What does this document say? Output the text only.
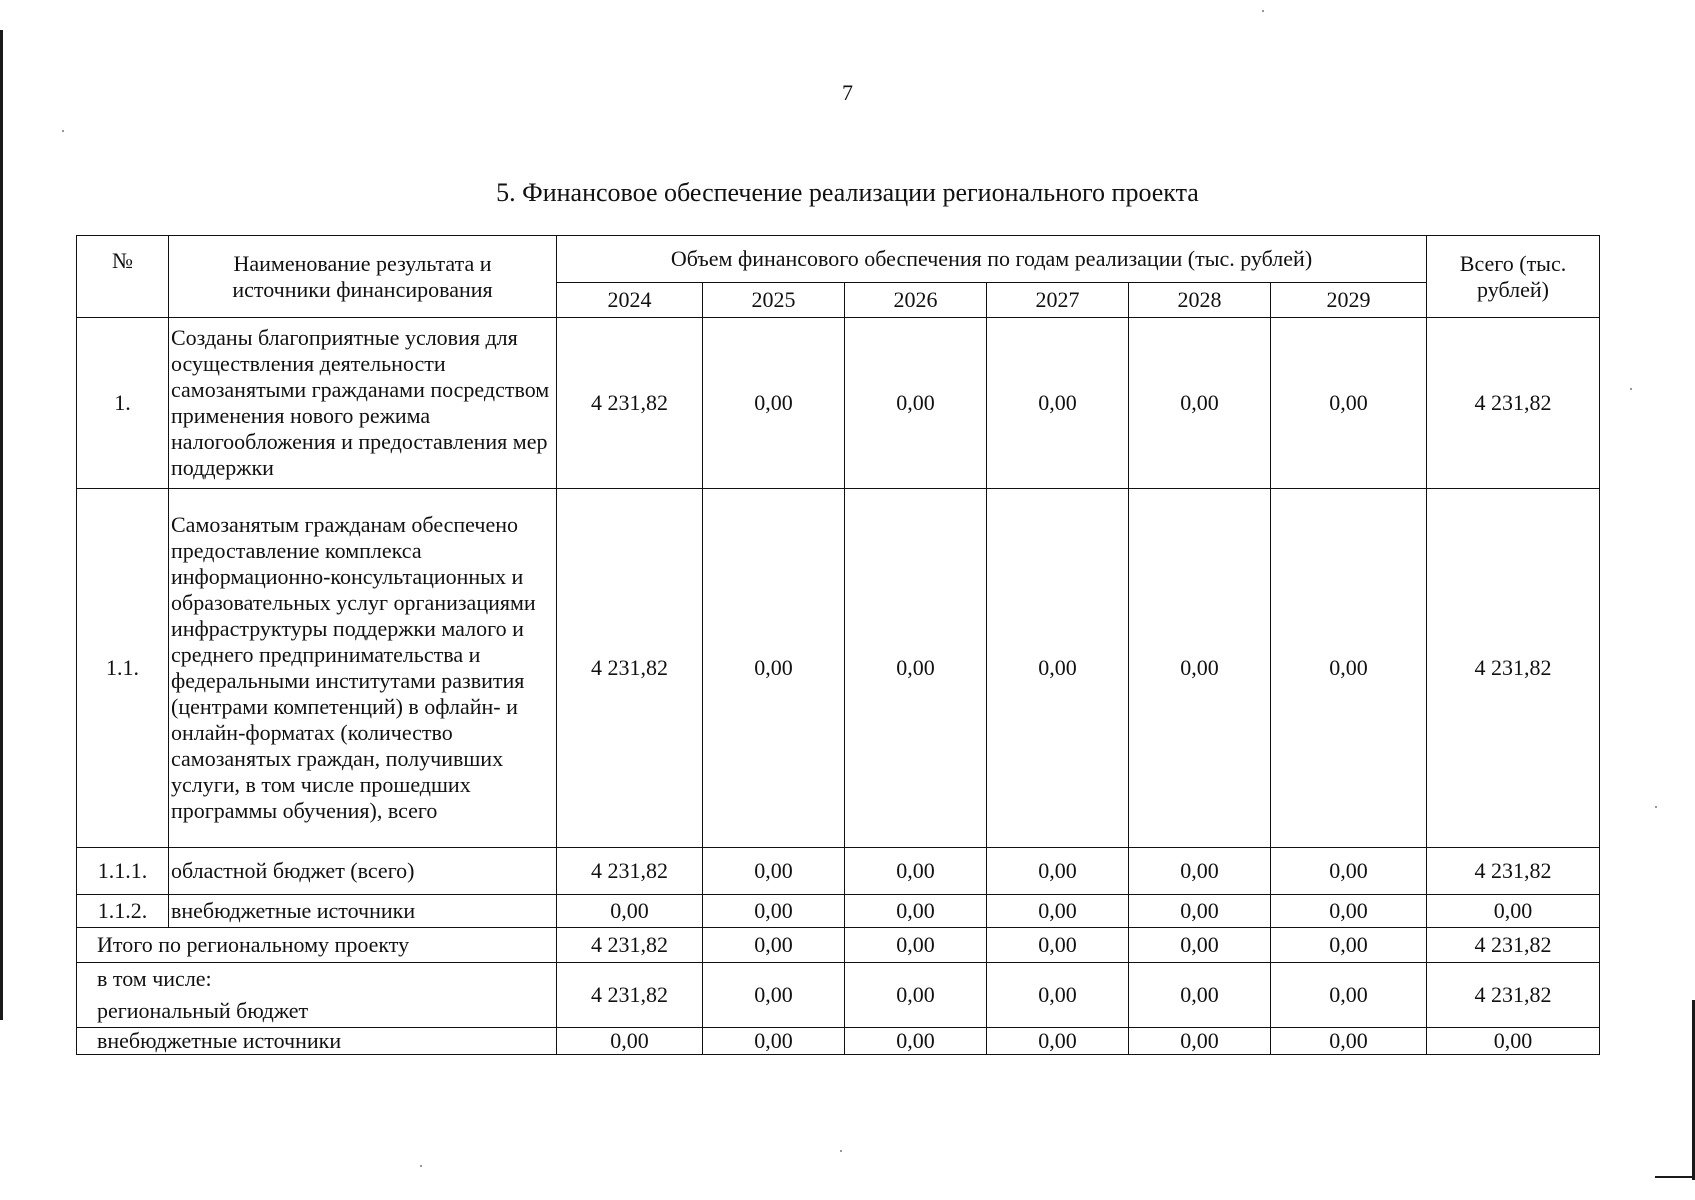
7
5. Финансовое обеспечение реализации регионального проекта
№	Наименование результата и источники финансирования	Объем финансового обеспечения по годам реализации (тыс. рублей)						Всего (тыс. рублей)
		2024	2025	2026	2027	2028	2029	
1.	Созданы благоприятные условия для осуществления деятельности самозанятыми гражданами посредством применения нового режима налогообложения и предоставления мер поддержки	4 231,82	0,00	0,00	0,00	0,00	0,00	4 231,82
1.1.	Самозанятым гражданам обеспечено предоставление комплекса информационно-консультационных и образовательных услуг организациями инфраструктуры поддержки малого и среднего предпринимательства и федеральными институтами развития (центрами компетенций) в офлайн- и онлайн-форматах (количество самозанятых граждан, получивших услуги, в том числе прошедших программы обучения), всего	4 231,82	0,00	0,00	0,00	0,00	0,00	4 231,82
1.1.1.	областной бюджет (всего)	4 231,82	0,00	0,00	0,00	0,00	0,00	4 231,82
1.1.2.	внебюджетные источники	0,00	0,00	0,00	0,00	0,00	0,00	0,00
Итого по региональному проекту		4 231,82	0,00	0,00	0,00	0,00	0,00	4 231,82

в том числе:
региональный бюджет		4 231,82	0,00	0,00	0,00	0,00	0,00	4 231,82
внебюджетные источники		0,00	0,00	0,00	0,00	0,00	0,00	0,00
